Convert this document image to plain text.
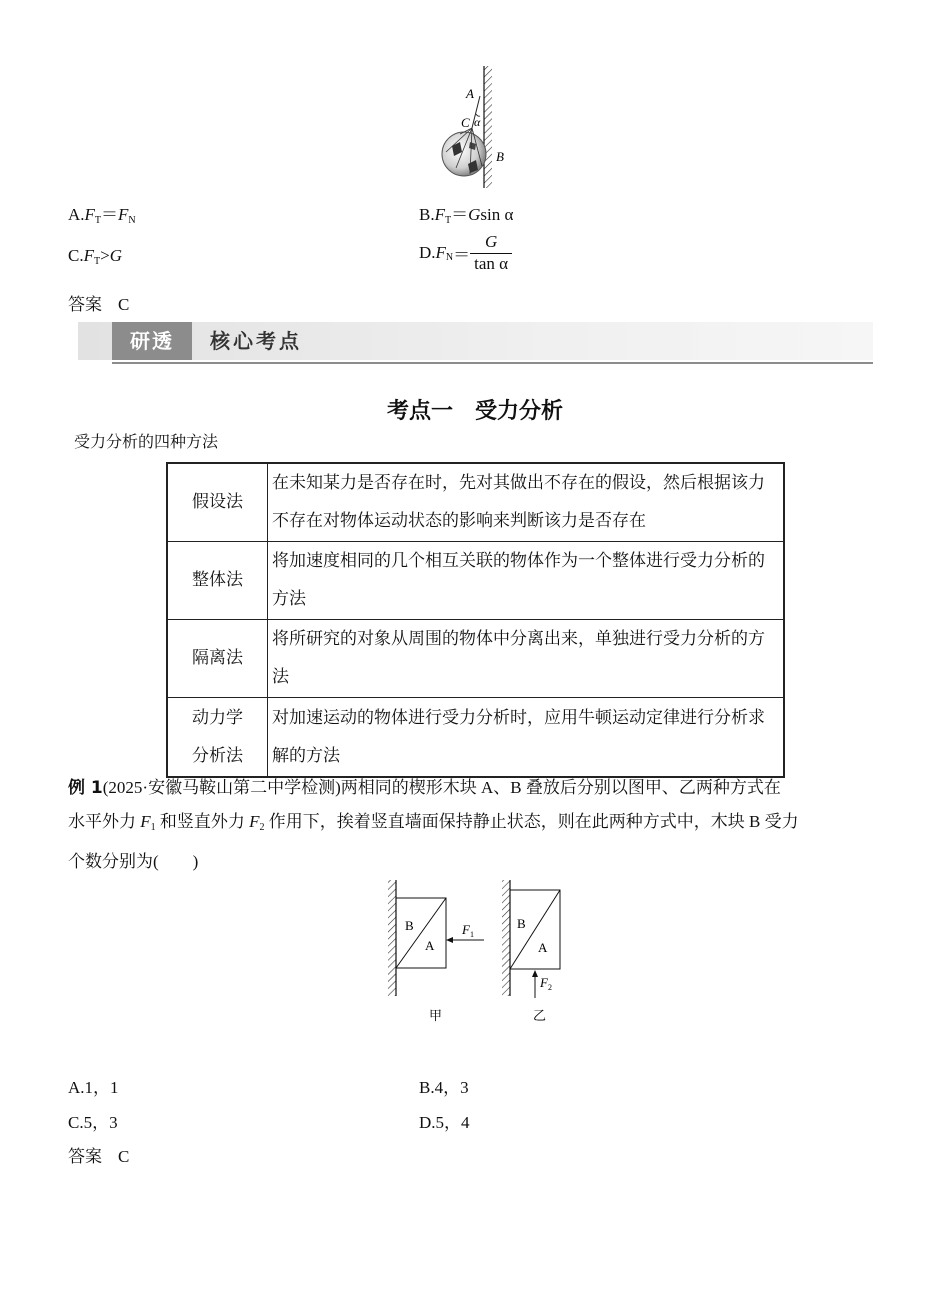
A
C α
B
$A.F_T=F_N$	$B.F_T=Gsin$ α
$C.F_T>G$	$D.F_N= \frac{G}{\text{tan α}}$
答案 C
研透	核心考点
考点一　受力分析
受力分析的四种方法
假设法	在未知某力是否存在时，先对其做出不存在的假设，然后根据该力不存在对物体运动状态的影响来判断该力是否存在
整体法	将加速度相同的几个相互关联的物体作为一个整体进行受力分析的方法
隔离法	将所研究的对象从周围的物体中分离出来，单独进行受力分析的方法
动力学
分析法	对加速运动的物体进行受力分析时，应用牛顿运动定律进行分析求解的方法
例 1(2025·安徽马鞍山第二中学检测)两相同的楔形木块 A、B 叠放后分别以图甲、乙两种方式在
水平外力 $F_1$ 和竖直外力 $F_2$ 作用下，挨着竖直墙面保持静止状态，则在此两种方式中，木块 B 受力
个数分别为(　　)
B
A
$F_1$
甲
B
A
$F_2$
乙
A.1，1	B.4，3
C.5，3	D.5，4
答案 C
